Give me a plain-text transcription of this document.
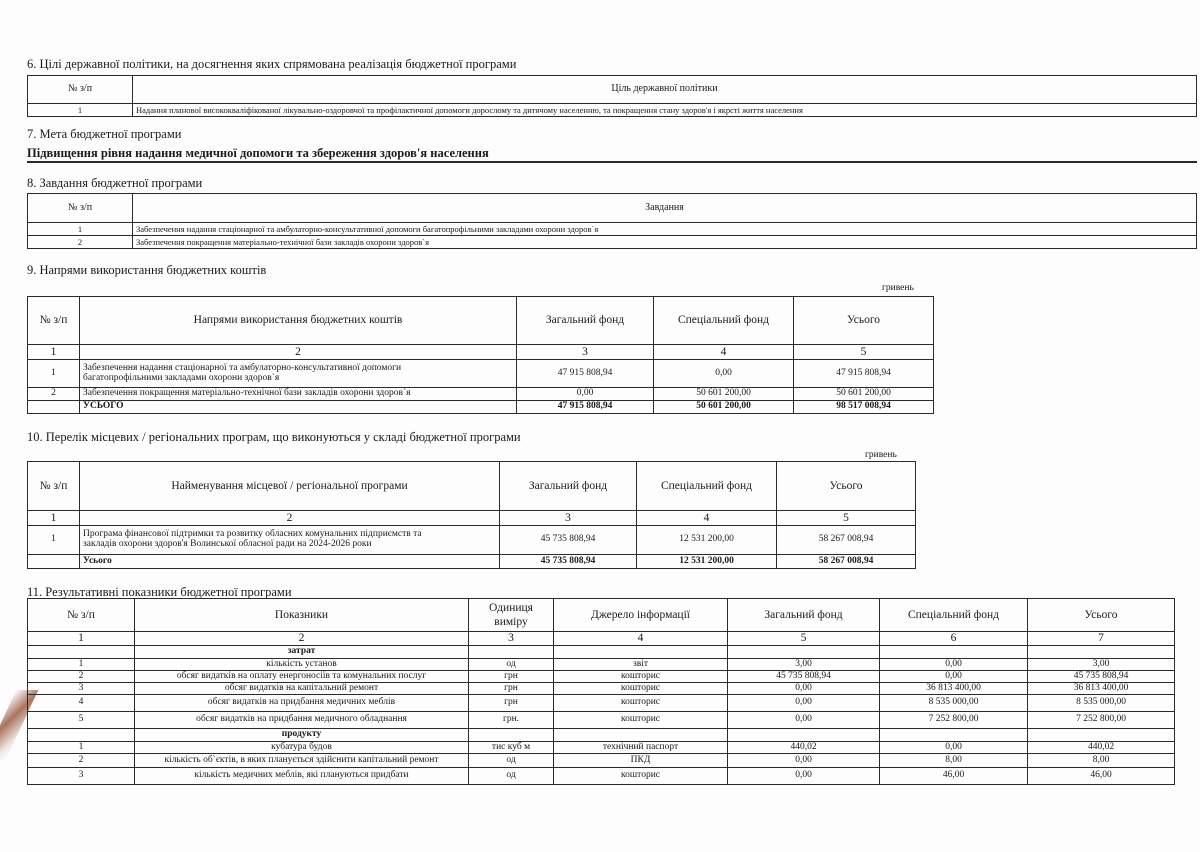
6. Цілі державної політики, на досягнення яких спрямована реалізація бюджетної програми
№ з/п	Ціль державної політики
1	Надання планової висококваліфікованої лікувально-оздоровчої та профілактичної допомоги дорослому та дитячому населенню, та покращення стану здоров'я і якрсті життя населення
7. Мета бюджетної програми
Підвищення рівня надання медичної допомоги та збереження здоров'я населення
8. Завдання бюджетної програми
№ з/п	Завдання
1	Забезпечення надання стаціонарної та амбулаторно-консультативної допомоги багатопрофільними закладами охорони здоров`я
2	Забезпечення покращення матеріально-технічної бази закладів охорони здоров`я
9. Напрями використання бюджетних коштів
гривень
№ з/п	Напрями використання бюджетних коштів	Загальний фонд	Спеціальний фонд	Усього
1	2	3	4	5
1	Забезпечення надання стаціонарної та амбулаторно-консультативної допомоги
багатопрофільними закладами охорони здоров`я	47 915 808,94	0,00	47 915 808,94
2	Забезпечення покращення матеріально-технічної бази закладів охорони здоров`я	0,00	50 601 200,00	50 601 200,00
	УСЬОГО	47 915 808,94	50 601 200,00	98 517 008,94
10. Перелік місцевих / регіональних програм, що виконуються у складі бюджетної програми
гривень
№ з/п	Найменування місцевої / регіональної програми	Загальний фонд	Спеціальний фонд	Усього
1	2	3	4	5
1	Програма фінансової підтримки та розвитку обласних комунальних підприємств та
закладів охорони здоров'я Волинської обласної ради на 2024-2026 роки	45 735 808,94	12 531 200,00	58 267 008,94
	Усього	45 735 808,94	12 531 200,00	58 267 008,94
11. Результативні показники бюджетної програми
№ з/п	Показники	Одиниця
виміру	Джерело інформації	Загальний фонд	Спеціальний фонд	Усього
1	2	3	4	5	6	7
	затрат					
1	кількість установ	од	звіт	3,00	0,00	3,00
2	обсяг видатків на оплату енергоносіїв та комунальних послуг	грн	кошторис	45 735 808,94	0,00	45 735 808,94
3	обсяг видатків на капітальний ремонт	грн	кошторис	0,00	36 813 400,00	36 813 400,00
4	обсяг видатків на придбання медичних меблів	грн	кошторис	0,00	8 535 000,00	8 535 000,00
5	обсяг видатків на придбання медичного обладнання	грн.	кошторис	0,00	7 252 800,00	7 252 800,00
	продукту					
1	кубатура будов	тис куб м	технічний паспорт	440,02	0,00	440,02
2	кількість об`єктів, в яких планується здійснити капітальний ремонт	од	ПКД	0,00	8,00	8,00
3	кількість медичних меблів, які плануються придбати	од	кошторис	0,00	46,00	46,00
